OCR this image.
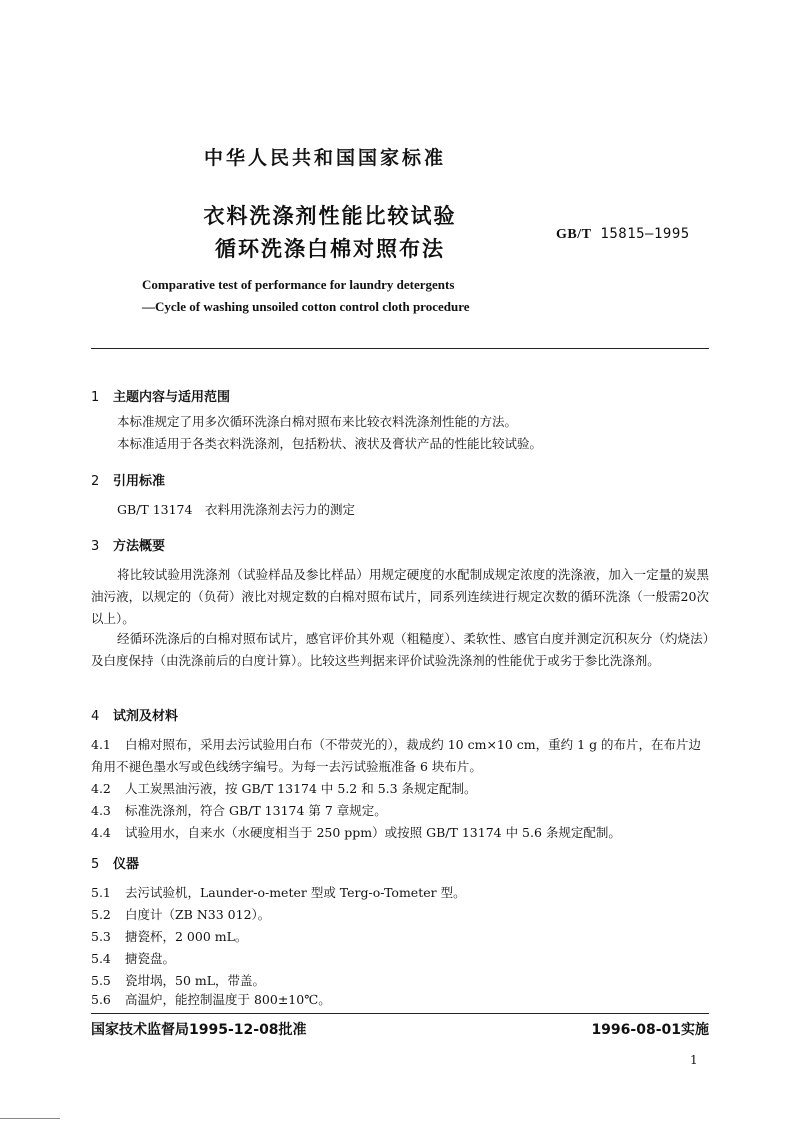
中华人民共和国国家标准
衣料洗涤剂性能比较试验
循环洗涤白棉对照布法
GB/T 15815—1995
Comparative test of performance for laundry detergents
—Cycle of washing unsoiled cotton control cloth procedure
1 主题内容与适用范围
本标准规定了用多次循环洗涤白棉对照布来比较衣料洗涤剂性能的方法。
本标准适用于各类衣料洗涤剂，包括粉状、液状及膏状产品的性能比较试验。
2 引用标准
GB/T 13174　衣料用洗涤剂去污力的测定
3 方法概要
将比较试验用洗涤剂（试验样品及参比样品）用规定硬度的水配制成规定浓度的洗涤液，加入一定量的炭黑油污液，以规定的（负荷）液比对规定数的白棉对照布试片，同系列连续进行规定次数的循环洗涤（一般需20次以上）。
经循环洗涤后的白棉对照布试片，感官评价其外观（粗糙度）、柔软性、感官白度并测定沉积灰分（灼烧法）及白度保持（由洗涤前后的白度计算）。比较这些判据来评价试验洗涤剂的性能优于或劣于参比洗涤剂。
4 试剂及材料
4.1 白棉对照布，采用去污试验用白布（不带荧光的），裁成约 10 cm×10 cm，重约 1 g 的布片，在布片边角用不褪色墨水写或色线绣字编号。为每一去污试验瓶准备 6 块布片。
4.2 人工炭黑油污液，按 GB/T 13174 中 5.2 和 5.3 条规定配制。
4.3 标准洗涤剂，符合 GB/T 13174 第 7 章规定。
4.4 试验用水，自来水（水硬度相当于 250 ppm）或按照 GB/T 13174 中 5.6 条规定配制。
5 仪器
5.1 去污试验机，Launder-o-meter 型或 Terg-o-Tometer 型。
5.2 白度计（ZB N33 012）。
5.3 搪瓷杯，2 000 mL。
5.4 搪瓷盘。
5.5 瓷坩埚，50 mL，带盖。
5.6 高温炉，能控制温度于 800±10℃。
国家技术监督局1995-12-08批准	1996-08-01实施
1
